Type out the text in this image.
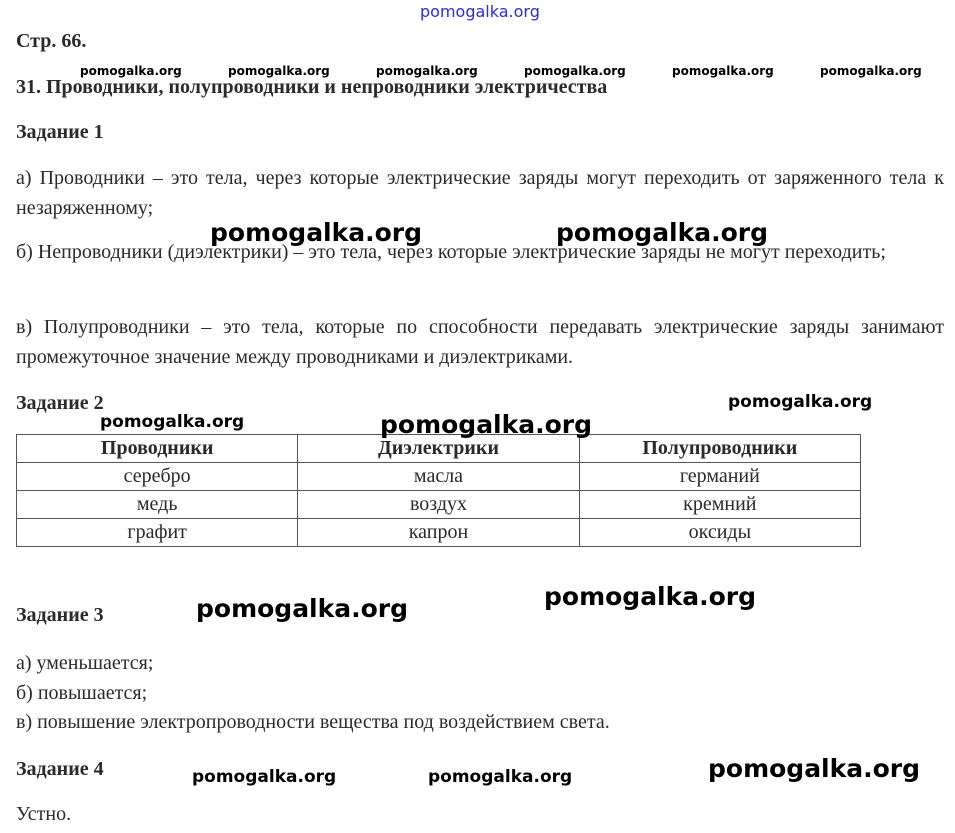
pomogalka.org

Стр. 66.

pomogalka.org	pomogalka.org	pomogalka.org	pomogalka.org	pomogalka.org	pomogalka.org

31. Проводники, полупроводники и непроводники электричества

Задание 1

а) Проводники – это тела, через которые электрические заряды могут переходить от заряженного тела к незаряженному;

б) Непроводники (диэлектрики) – это тела, через которые электрические заряды не могут переходить;

в) Полупроводники – это тела, которые по способности передавать электрические заряды занимают промежуточное значение между проводниками и диэлектриками.

pomogalka.org	pomogalka.org

Задание 2	pomogalka.org
pomogalka.org
Проводники	Диэлектрики	Полупроводники
серебро	масла	германий
медь	воздух	кремний
графит	капрон	оксиды
pomogalka.org
pomogalka.org

Задание 3	pomogalka.org

а) уменьшается;

б) повышается;

в) повышение электропроводности вещества под воздействием света.

Задание 4	pomogalka.org	pomogalka.org	pomogalka.org

Устно.
